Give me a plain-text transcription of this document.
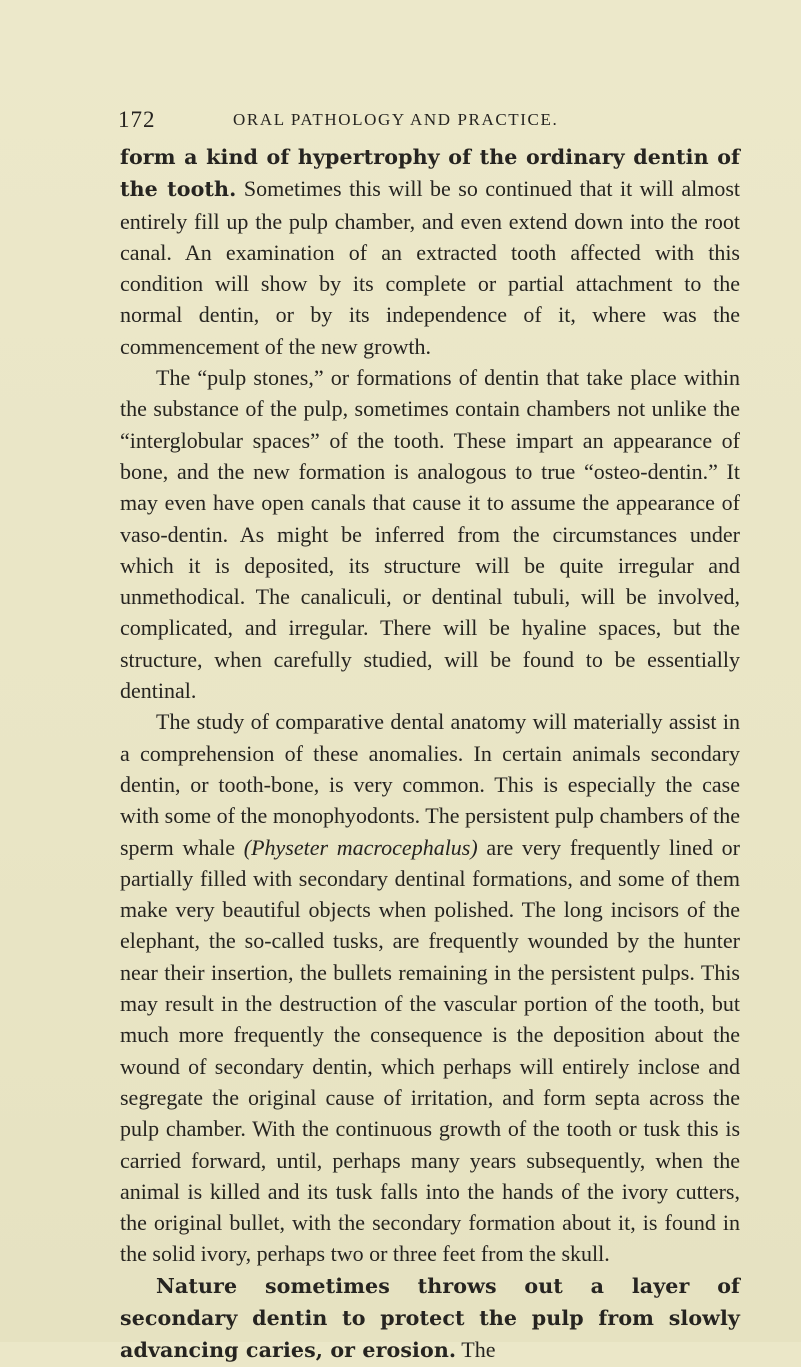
172	ORAL PATHOLOGY AND PRACTICE.

form a kind of hypertrophy of the ordinary dentin of the tooth. Sometimes this will be so continued that it will almost entirely fill up the pulp chamber, and even extend down into the root canal. An examination of an extracted tooth affected with this condition will show by its complete or partial attachment to the normal dentin, or by its independence of it, where was the commencement of the new growth.

The “pulp stones,” or formations of dentin that take place within the substance of the pulp, sometimes contain chambers not unlike the “interglobular spaces” of the tooth. These impart an appearance of bone, and the new formation is analogous to true “osteo-dentin.” It may even have open canals that cause it to assume the appearance of vaso-dentin. As might be inferred from the circumstances under which it is deposited, its structure will be quite irregular and unmethodical. The canaliculi, or dentinal tubuli, will be involved, complicated, and irregular. There will be hyaline spaces, but the structure, when carefully studied, will be found to be essentially dentinal.

The study of comparative dental anatomy will materially assist in a comprehension of these anomalies. In certain animals secondary dentin, or tooth-bone, is very common. This is especially the case with some of the monophyodonts. The persistent pulp chambers of the sperm whale (Physeter macrocephalus) are very frequently lined or partially filled with secondary dentinal formations, and some of them make very beautiful objects when polished. The long incisors of the elephant, the so-called tusks, are frequently wounded by the hunter near their insertion, the bullets remaining in the persistent pulps. This may result in the destruction of the vascular portion of the tooth, but much more frequently the consequence is the deposition about the wound of secondary dentin, which perhaps will entirely inclose and segregate the original cause of irritation, and form septa across the pulp chamber. With the continuous growth of the tooth or tusk this is carried forward, until, perhaps many years subsequently, when the animal is killed and its tusk falls into the hands of the ivory cutters, the original bullet, with the secondary formation about it, is found in the solid ivory, perhaps two or three feet from the skull.

Nature sometimes throws out a layer of secondary dentin to protect the pulp from slowly advancing caries, or erosion. The
